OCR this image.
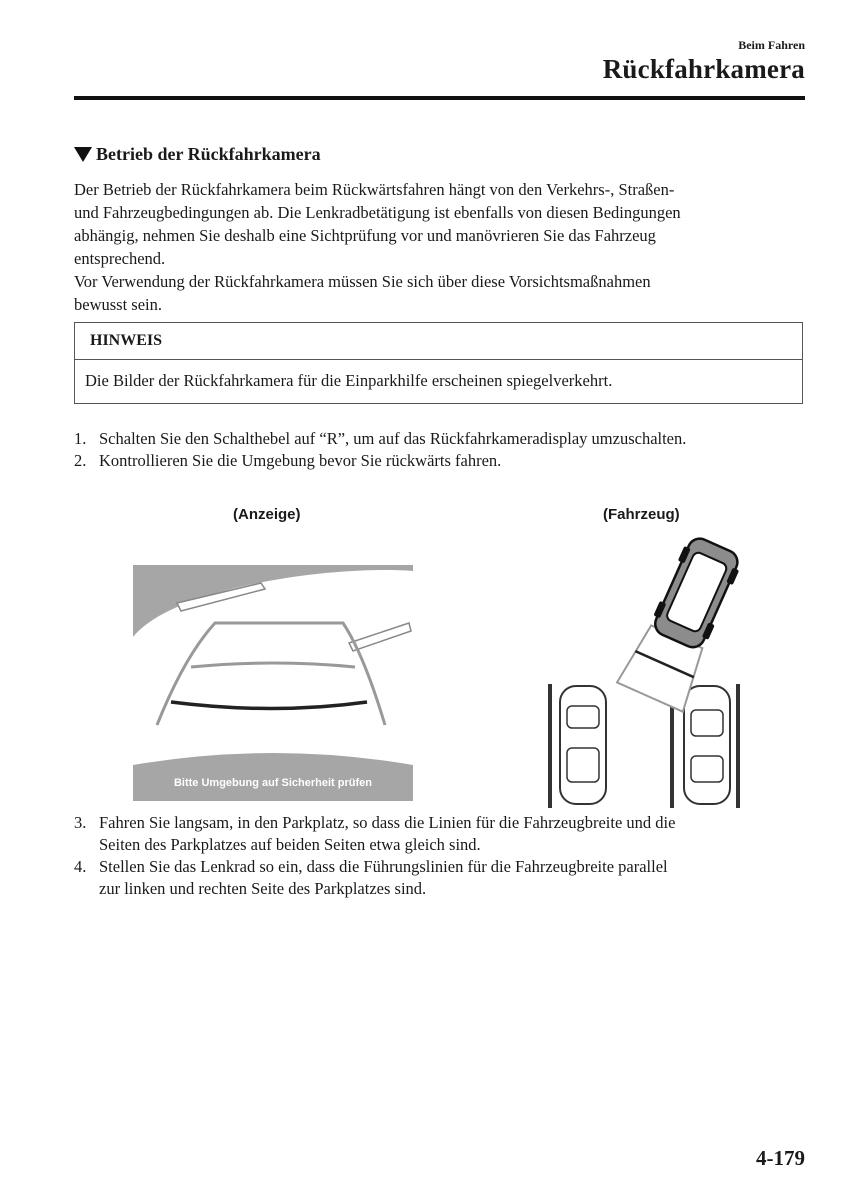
Beim Fahren
Rückfahrkamera
Betrieb der Rückfahrkamera
Der Betrieb der Rückfahrkamera beim Rückwärtsfahren hängt von den Verkehrs-, Straßen-
und Fahrzeugbedingungen ab. Die Lenkradbetätigung ist ebenfalls von diesen Bedingungen
abhängig, nehmen Sie deshalb eine Sichtprüfung vor und manövrieren Sie das Fahrzeug
entsprechend.
Vor Verwendung der Rückfahrkamera müssen Sie sich über diese Vorsichtsmaßnahmen
bewusst sein.
HINWEIS
Die Bilder der Rückfahrkamera für die Einparkhilfe erscheinen spiegelverkehrt.
1. Schalten Sie den Schalthebel auf “R”, um auf das Rückfahrkameradisplay umzuschalten.
2. Kontrollieren Sie die Umgebung bevor Sie rückwärts fahren.
(Anzeige)	(Fahrzeug)
Bitte Umgebung auf Sicherheit prüfen
3. Fahren Sie langsam, in den Parkplatz, so dass die Linien für die Fahrzeugbreite und die
Seiten des Parkplatzes auf beiden Seiten etwa gleich sind.
4. Stellen Sie das Lenkrad so ein, dass die Führungslinien für die Fahrzeugbreite parallel
zur linken und rechten Seite des Parkplatzes sind.
4-179
